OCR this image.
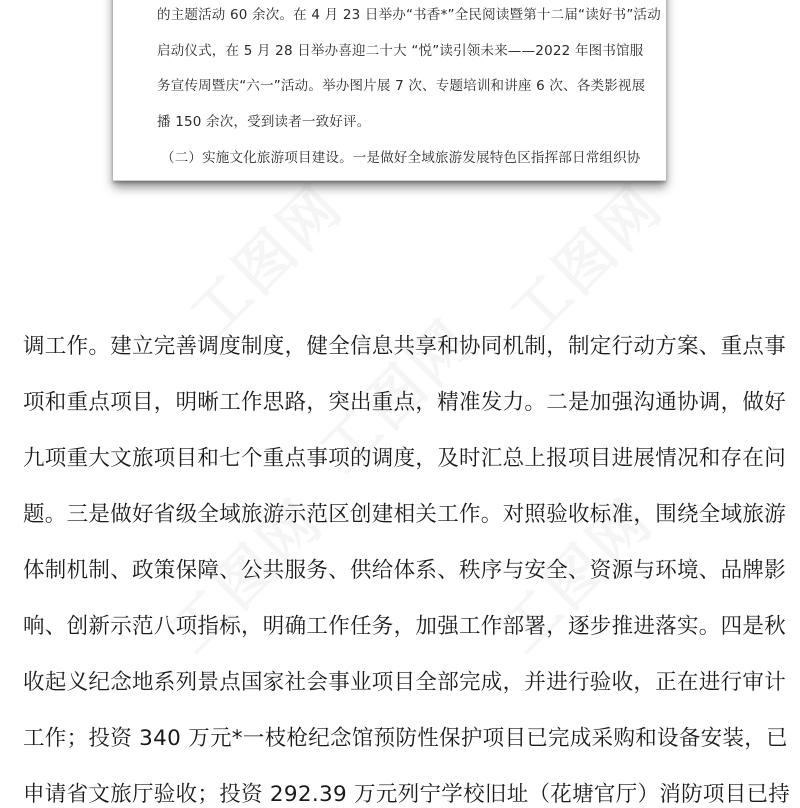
的主题活动 60 余次。在 4 月 23 日举办“书香*”全民阅读暨第十二届“读好书”活动
启动仪式，在 5 月 28 日举办喜迎二十大 “悦”读引领未来——2022 年图书馆服
务宣传周暨庆“六一”活动。举办图片展 7 次、专题培训和讲座 6 次、各类影视展
播 150 余次，受到读者一致好评。
（二）实施文化旅游项目建设。一是做好全域旅游发展特色区指挥部日常组织协
工图网 工图网
工图网
工图网	工图网
调工作。建立完善调度制度，健全信息共享和协同机制，制定行动方案、重点事
项和重点项目，明晰工作思路，突出重点，精准发力。二是加强沟通协调，做好
九项重大文旅项目和七个重点事项的调度，及时汇总上报项目进展情况和存在问
题。三是做好省级全域旅游示范区创建相关工作。对照验收标准，围绕全域旅游
体制机制、政策保障、公共服务、供给体系、秩序与安全、资源与环境、品牌影
响、创新示范八项指标，明确工作任务，加强工作部署，逐步推进落实。四是秋
收起义纪念地系列景点国家社会事业项目全部完成，并进行验收，正在进行审计
工作；投资 340 万元*一枝枪纪念馆预防性保护项目已完成采购和设备安装，已
申请省文旅厅验收；投资 292.39 万元列宁学校旧址（花塘官厅）消防项目已持
